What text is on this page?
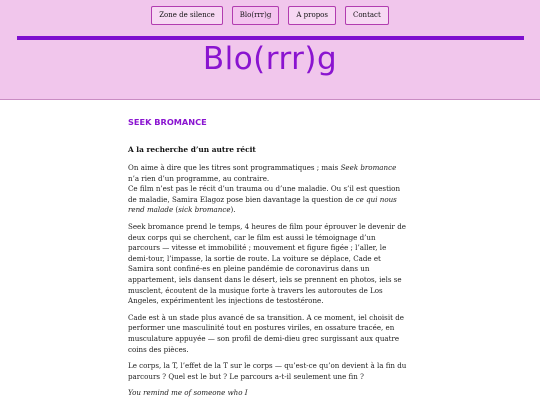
Zone de silence	Blo(rrr)g	A propos	Contact
Blo(rrr)g
SEEK BROMANCE
A la recherche d’un autre récit

On aime à dire que les titres sont programmatiques ; mais Seek bromance n’a rien d’un programme, au contraire.
Ce film n’est pas le récit d’un trauma ou d’une maladie. Ou s’il est question de maladie, Samira Elagoz pose bien davantage la question de ce qui nous rend malade (sick bromance).

Seek bromance prend le temps, 4 heures de film pour éprouver le devenir de deux corps qui se cherchent, car le film est aussi le témoignage d’un parcours — vitesse et immobilité ; mouvement et figure figée ; l’aller, le demi-tour, l’impasse, la sortie de route. La voiture se déplace, Cade et Samira sont confiné-es en pleine pandémie de coronavirus dans un appartement, iels dansent dans le désert, iels se prennent en photos, iels se musclent, écoutent de la musique forte à travers les autoroutes de Los Angeles, expérimentent les injections de testostérone.

Cade est à un stade plus avancé de sa transition. A ce moment, iel choisit de performer une masculinité tout en postures viriles, en ossature tracée, en musculature appuyée — son profil de demi-dieu grec surgissant aux quatre coins des pièces.

Le corps, la T, l’effet de la T sur le corps — qu’est-ce qu’on devient à la fin du parcours ? Quel est le but ? Le parcours a-t-il seulement une fin ?

You remind me of someone who I
